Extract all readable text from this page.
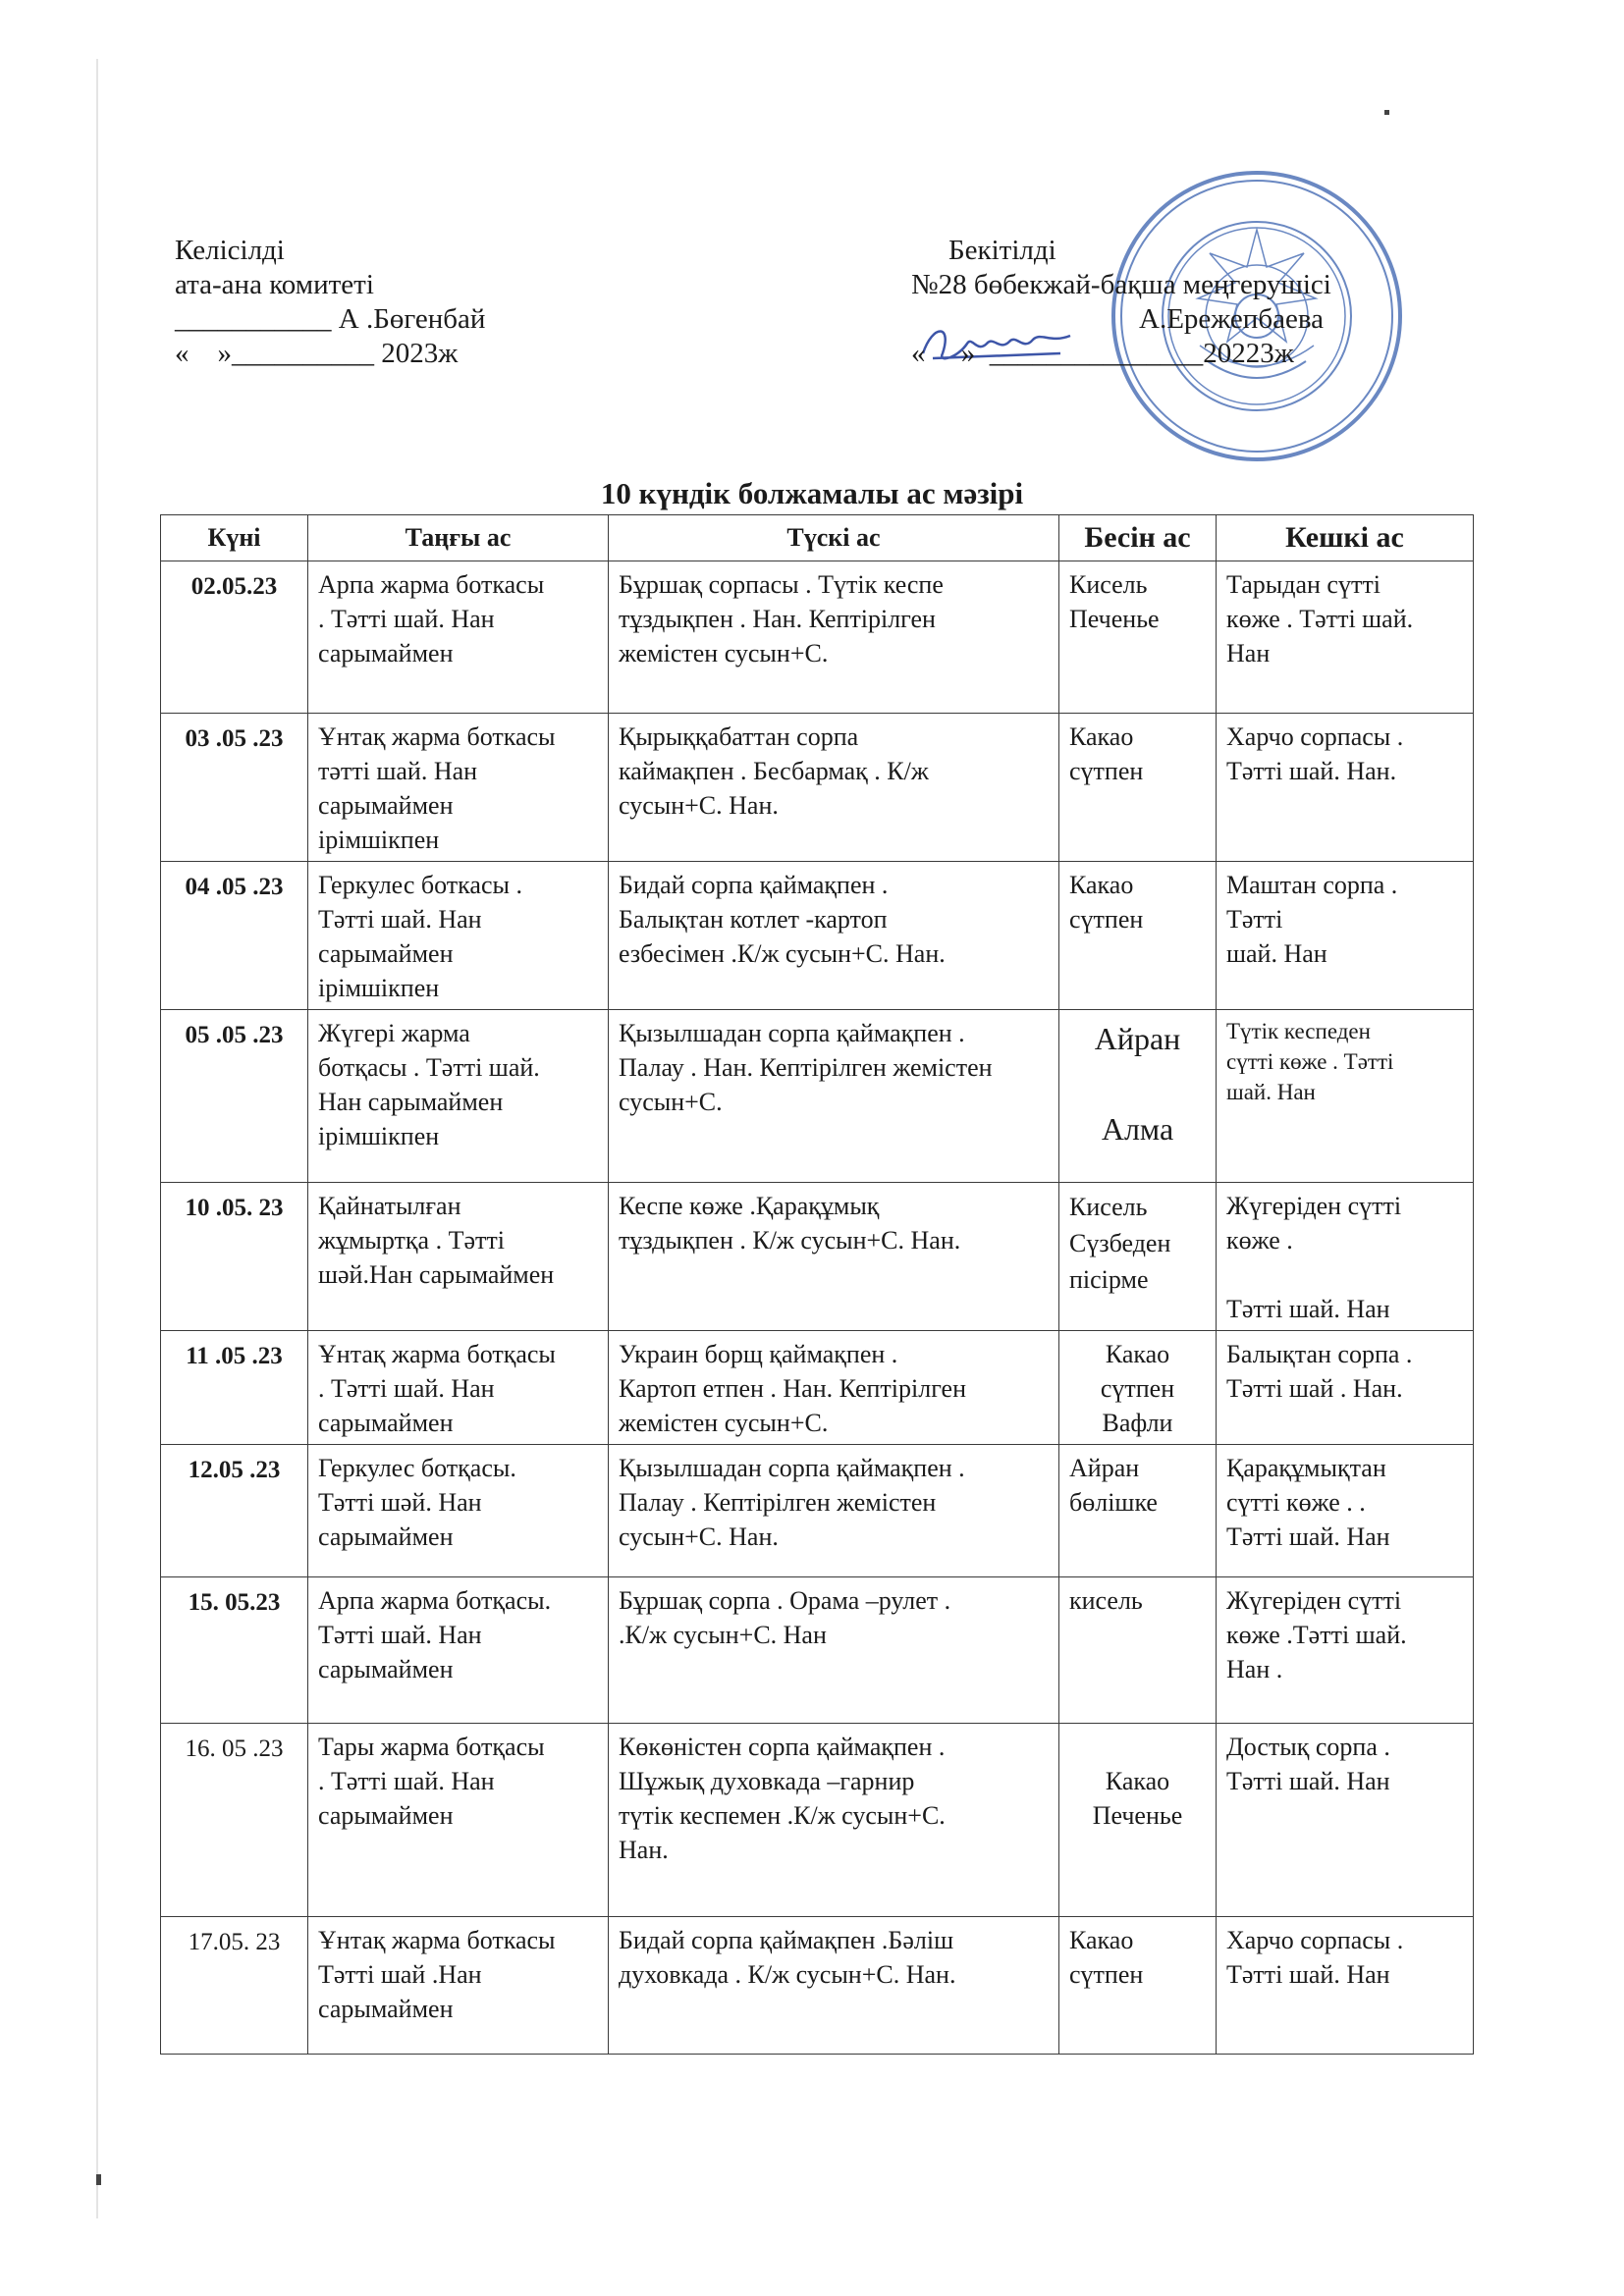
Келісілді
ата-ана комитеті
___________ А .Бөгенбай
«    »__________ 2023ж
Бекітілді
№28 бөбекжай-бақша меңгерушісі
А.Ережепбаева
«     »  _______________20223ж
10 күндік болжамалы ас мәзірі
Күні	Таңғы ас	Түскі ас	Бесін ас	Кешкі ас
02.05.23	Арпа жарма боткасы
. Тәтті шай. Нан
сарымаймен	Бұршақ сорпасы . Түтік кеспе
тұздықпен . Нан. Кептірілген
жемістен сусын+С.	Кисель
Печенье	Тарыдан сүтті
көже . Тәтті шай.
Нан
03 .05 .23	Ұнтақ жарма боткасы
тәтті шай. Нан
сарымаймен
ірімшікпен	Қырыққабаттан сорпа
каймақпен . Бесбармақ . К/ж
сусын+С. Нан.	Какао
сүтпен	Харчо сорпасы .
Тәтті шай. Нан.
04 .05 .23	Геркулес боткасы .
Тәтті шай. Нан
сарымаймен
ірімшікпен	Бидай сорпа қаймақпен .
Балықтан котлет -картоп
езбесімен .К/ж сусын+С. Нан.	Какао
сүтпен	Маштан сорпа .
Тәтті
шай. Нан
05 .05 .23	Жүгері жарма
ботқасы . Тәтті шай.
Нан сарымаймен
ірімшікпен	Қызылшадан сорпа қаймақпен .
Палау . Нан. Кептірілген жемістен
сусын+С.	Айран

Алма	Түтік кеспеден
сүтті көже . Тәтті
шай. Нан
10 .05. 23	Қайнатылған
жұмыртқа . Тәтті
шәй.Нан сарымаймен	Кеспе көже .Қарақұмық
тұздықпен . К/ж сусын+С. Нан.	Кисель
Сүзбеден
пісірме	Жүгеріден сүтті
көже .

Тәтті шай. Нан
11 .05 .23	Ұнтақ жарма ботқасы
. Тәтті шай. Нан
сарымаймен	Украин борщ қаймақпен .
Картоп етпен . Нан. Кептірілген
жемістен сусын+С.	Какао
сүтпен
Вафли	Балықтан сорпа .
Тәтті шай . Нан.
12.05 .23	Геркулес ботқасы.
Тәтті шәй. Нан
сарымаймен	Қызылшадан сорпа қаймақпен .
Палау . Кептірілген жемістен
сусын+С. Нан.	Айран
бөлішке	Қарақұмықтан
сүтті көже . .
Тәтті шай. Нан
15. 05.23	Арпа жарма ботқасы.
Тәтті шай. Нан
сарымаймен	Бұршақ сорпа . Орама –рулет .
.К/ж сусын+С. Нан	кисель	Жүгеріден сүтті
көже .Тәтті шай.
Нан .
16. 05 .23	Тары жарма ботқасы
. Тәтті шай. Нан
сарымаймен	Көкөністен сорпа қаймақпен .
Шұжық духовкада –гарнир
түтік кеспемен .К/ж сусын+С.
Нан.	
Какао
Печенье	Достық сорпа .
Тәтті шай. Нан
17.05. 23	Ұнтақ жарма боткасы
Тәтті шай .Нан
сарымаймен	Бидай сорпа қаймақпен .Бәліш
духовкада . К/ж сусын+С. Нан.	Какао
сүтпен	Харчо сорпасы .
Тәтті шай. Нан
